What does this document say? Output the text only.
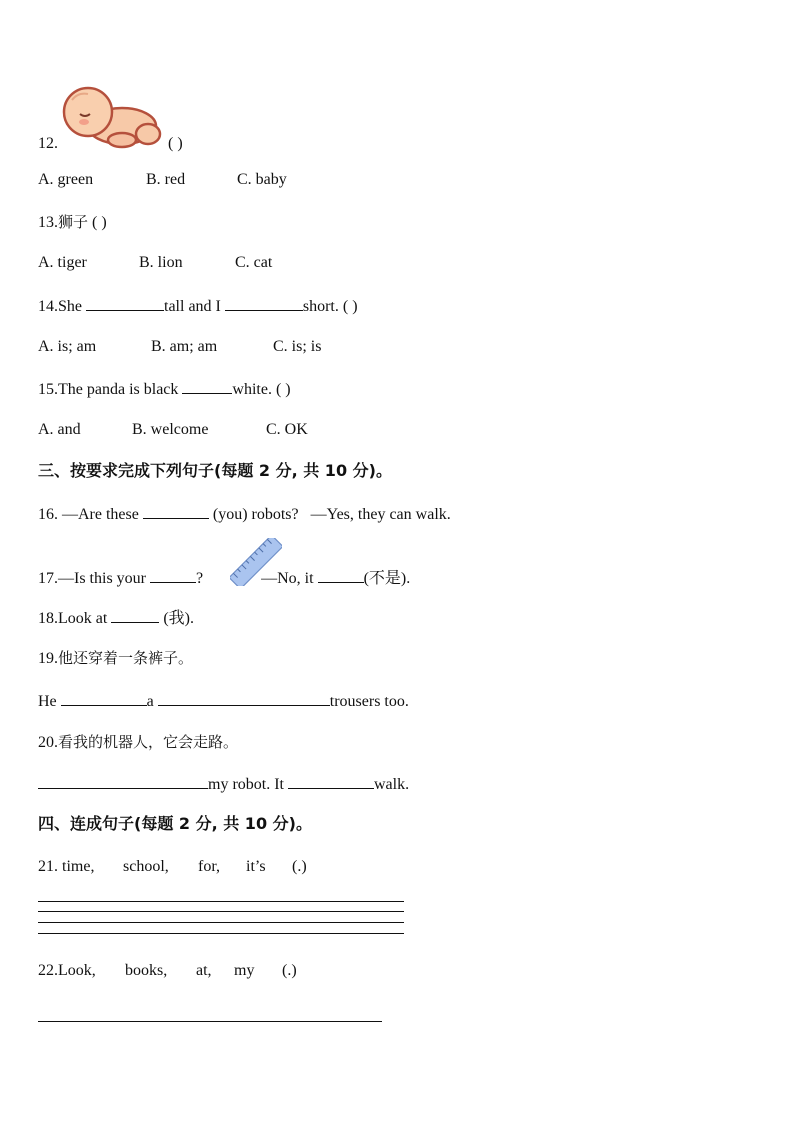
12.	( )
A. green	B. red	C. baby
13.狮子 ( )
A. tiger	B. lion	C. cat
14.She	tall and I	short. ( )
A. is; am	B. am; am	C. is; is
15.The panda is black	white. ( )
A. and	B. welcome	C. OK
三、按要求完成下列句子(每题 2 分, 共 10 分)。
16. —Are these	(you) robots? —Yes, they can walk.
17.—Is this your	?	—No, it	(不是).
18.Look at	(我).
19.他还穿着一条裤子。
He	a	trousers too.
20.看我的机器人，它会走路。
my robot. It	walk.
四、连成句子(每题 2 分, 共 10 分)。
21. time, school, for, it’s (.)
22.Look, books, at, my (.)
